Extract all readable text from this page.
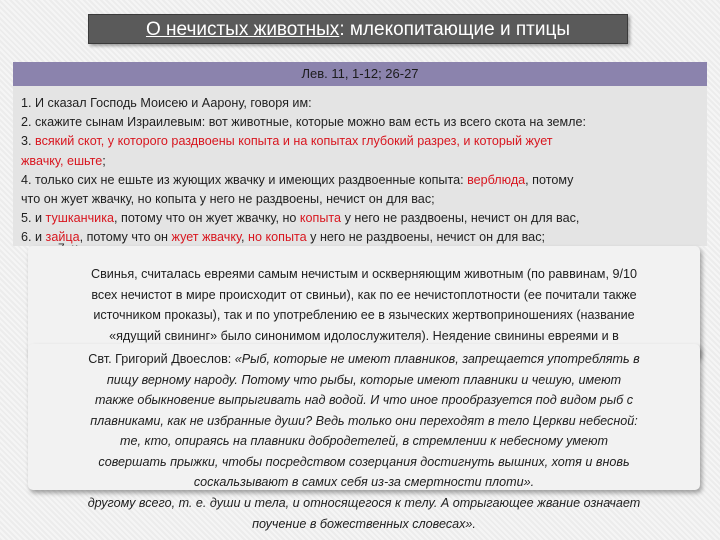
О нечистых животных: млекопитающие и птицы
Лев. 11, 1-12; 26-27

1. И сказал Господь Моисею и Аарону, говоря им:

2. скажите сынам Израилевым: вот животные, которые можно вам есть из всего скота на земле:

3. всякий скот, у которого раздвоены копыта и на копытах глубокий разрез, и который жует

жвачку, ешьте;

4. только сих не ешьте из жующих жвачку и имеющих раздвоенные копыта: верблюда, потому

что он жует жвачку, но копыта у него не раздвоены, нечист он для вас;

5. и тушканчика, потому что он жует жвачку, но копыта у него не раздвоены, нечист он для вас,

6. и зайца, потому что он жует жвачку, но копыта у него не раздвоены, нечист он для вас;

Свинья, считалась евреями самым нечистым и оскверняющим животным (по раввинам, 9/10

всех нечистот в мире происходит от свиньи), как по ее нечистоплотности (ее почитали также

источником проказы), так и по употреблению ее в языческих жертвоприношениях (название

«ядущий свининг» было синонимом идолослужителя). Неядение свинины евреями и в

Свт. Григорий Двоеслов: «Рыб, которые не имеют плавников, запрещается употреблять в

пищу верному народу. Потому что рыбы, которые имеют плавники и чешую, имеют

также обыкновение выпрыгивать над водой. И что иное прообразуется под видом рыб с

плавниками, как не избранные души? Ведь только они переходят в тело Церкви небесной:

те, кто, опираясь на плавники добродетелей, в стремлении к небесному умеют

совершать прыжки, чтобы посредством созерцания достигнуть вышних, хотя и вновь

соскальзывают в самих себя из-за смертности плоти».

другому всего, т. е. души и тела, и относящегося к телу. А отрыгающее жвание означает

поучение в божественных словесах».
